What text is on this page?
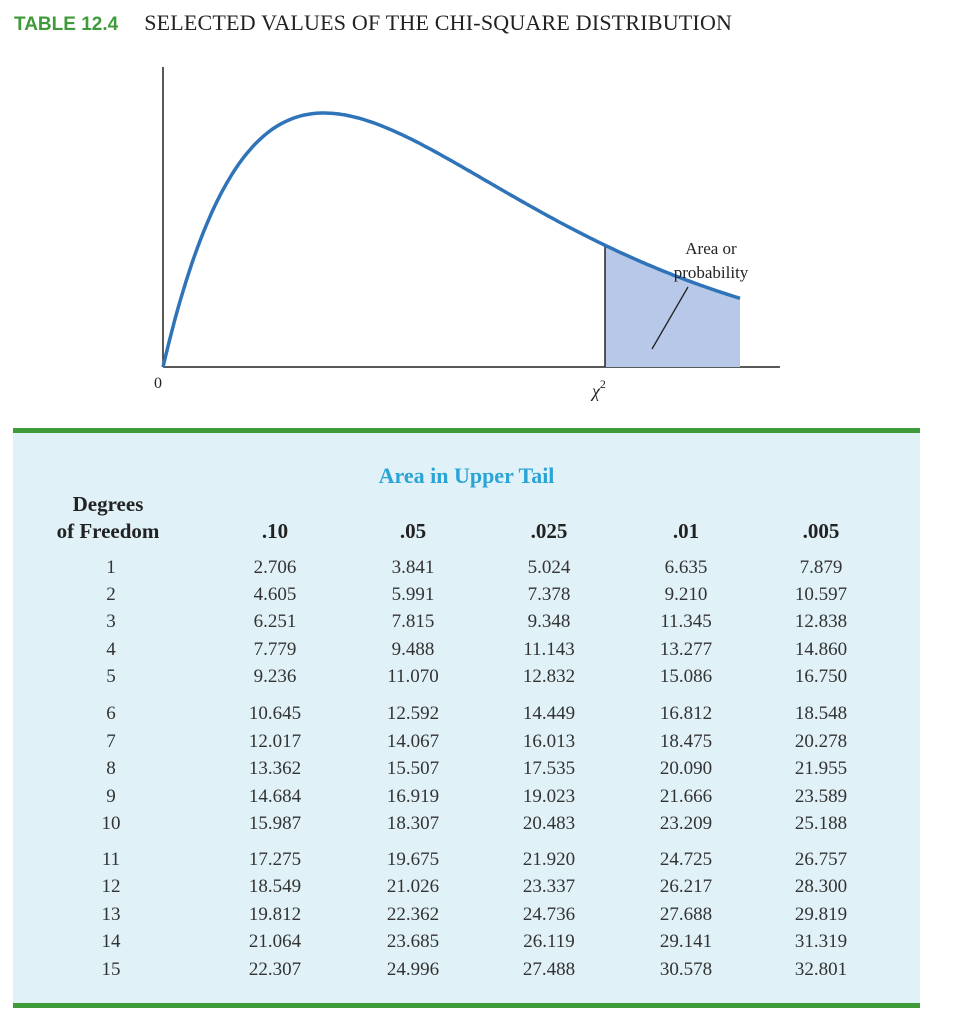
TABLE 12.4 SELECTED VALUES OF THE CHI-SQUARE DISTRIBUTION
Area or
probability
0	$\chi^2$
Area in Upper Tail
Degrees
of Freedom	.10	.05	.025	.01	.005
1	2.706	3.841	5.024	6.635	7.879
2	4.605	5.991	7.378	9.210	10.597
3	6.251	7.815	9.348	11.345	12.838
4	7.779	9.488	11.143	13.277	14.860
5	9.236	11.070	12.832	15.086	16.750
6	10.645	12.592	14.449	16.812	18.548
7	12.017	14.067	16.013	18.475	20.278
8	13.362	15.507	17.535	20.090	21.955
9	14.684	16.919	19.023	21.666	23.589
10	15.987	18.307	20.483	23.209	25.188
11	17.275	19.675	21.920	24.725	26.757
12	18.549	21.026	23.337	26.217	28.300
13	19.812	22.362	24.736	27.688	29.819
14	21.064	23.685	26.119	29.141	31.319
15	22.307	24.996	27.488	30.578	32.801
